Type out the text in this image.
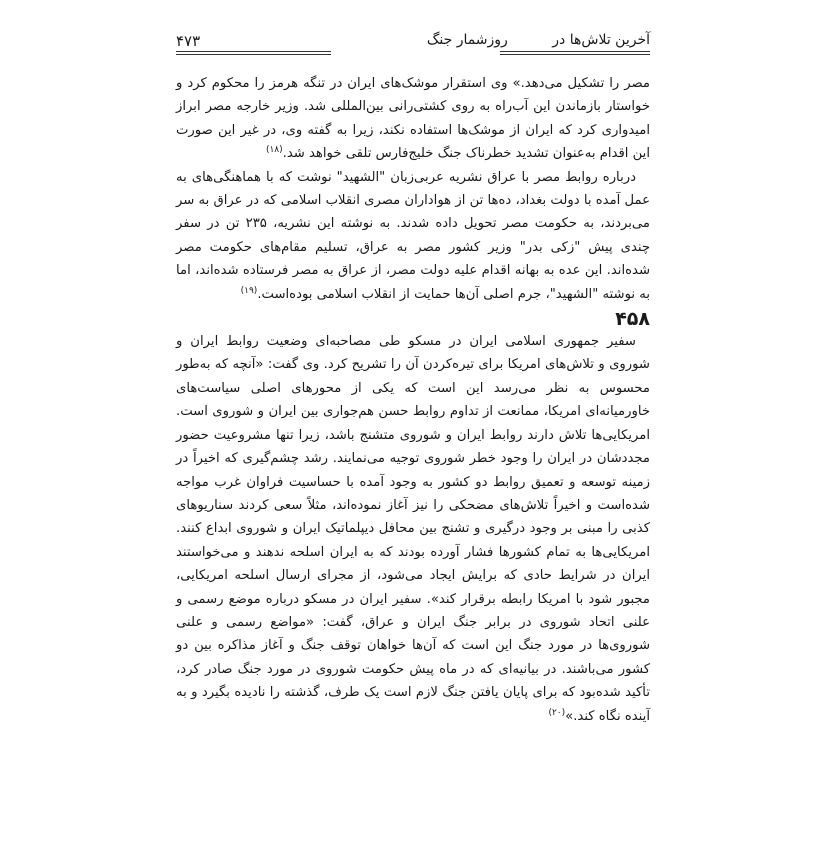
آخرین تلاش‌ها در روزشمار جنگ
۴۷۳

مصر را تشکیل می‌دهد.» وی استقرار موشک‌های ایران در تنگه هرمز را محکوم کرد و خواستار بازماندن این آب‌راه به روی کشتی‌رانی بین‌المللی شد. وزیر خارجه مصر ابراز امیدواری کرد که ایران از موشک‌ها استفاده نکند، زیرا به گفته وی، در غیر این صورت این اقدام به‌عنوان تشدید خطرناک جنگ خلیج‌فارس تلقی خواهد شد.$^{(۱۸)}$

درباره روابط مصر با عراق نشریه عربی‌زبان "الشهید" نوشت که با هماهنگی‌های به عمل آمده با دولت بغداد، ده‌ها تن از هواداران مصری انقلاب اسلامی که در عراق به سر می‌بردند، به حکومت مصر تحویل داده شدند. به نوشته این نشریه، ۲۳۵ تن در سفر چندی پیش "زکی بدر" وزیر کشور مصر به عراق، تسلیم مقام‌های حکومت مصر شده‌اند. این عده به بهانه اقدام علیه دولت مصر، از عراق به مصر فرستاده شده‌اند، اما به نوشته "الشهید"، جرم اصلی آن‌ها حمایت از انقلاب اسلامی بوده‌است.$^{(۱۹)}$

۴۵۸

سفیر جمهوری اسلامی ایران در مسکو طی مصاحبه‌ای وضعیت روابط ایران و شوروی و تلاش‌های امریکا برای تیره‌کردن آن را تشریح کرد. وی گفت: «آنچه که به‌طور محسوس به نظر می‌رسد این است که یکی از محورهای اصلی سیاست‌های خاورمیانه‌ای امریکا، ممانعت از تداوم روابط حسن هم‌جواری بین ایران و شوروی است. امریکایی‌ها تلاش دارند روابط ایران و شوروی متشنج باشد، زیرا تنها مشروعیت حضور مجددشان در ایران را وجود خطر شوروی توجیه می‌نمایند. رشد چشم‌گیری که اخیراً در زمینه توسعه و تعمیق روابط دو کشور به وجود آمده با حساسیت فراوان غرب مواجه شده‌است و اخیراً تلاش‌های مضحکی را نیز آغاز نموده‌اند، مثلاً سعی کردند سناریوهای کذبی را مبنی بر وجود درگیری و تشنج بین محافل دیپلماتیک ایران و شوروی ابداع کنند. امریکایی‌ها به تمام کشورها فشار آورده بودند که به ایران اسلحه ندهند و می‌خواستند ایران در شرایط حادی که برایش ایجاد می‌شود، از مجرای ارسال اسلحه امریکایی، مجبور شود با امریکا رابطه برقرار کند». سفیر ایران در مسکو درباره موضع رسمی و علنی اتحاد شوروی در برابر جنگ ایران و عراق، گفت: «مواضع رسمی و علنی شوروی‌ها در مورد جنگ این است که آن‌ها خواهان توقف جنگ و آغاز مذاکره بین دو کشور می‌باشند. در بیانیه‌ای که در ماه پیش حکومت شوروی در مورد جنگ صادر کرد، تأکید شده‌بود که برای پایان یافتن جنگ لازم است یک طرف، گذشته را نادیده بگیرد و به آینده نگاه کند.»$^{(۲۰)}$
